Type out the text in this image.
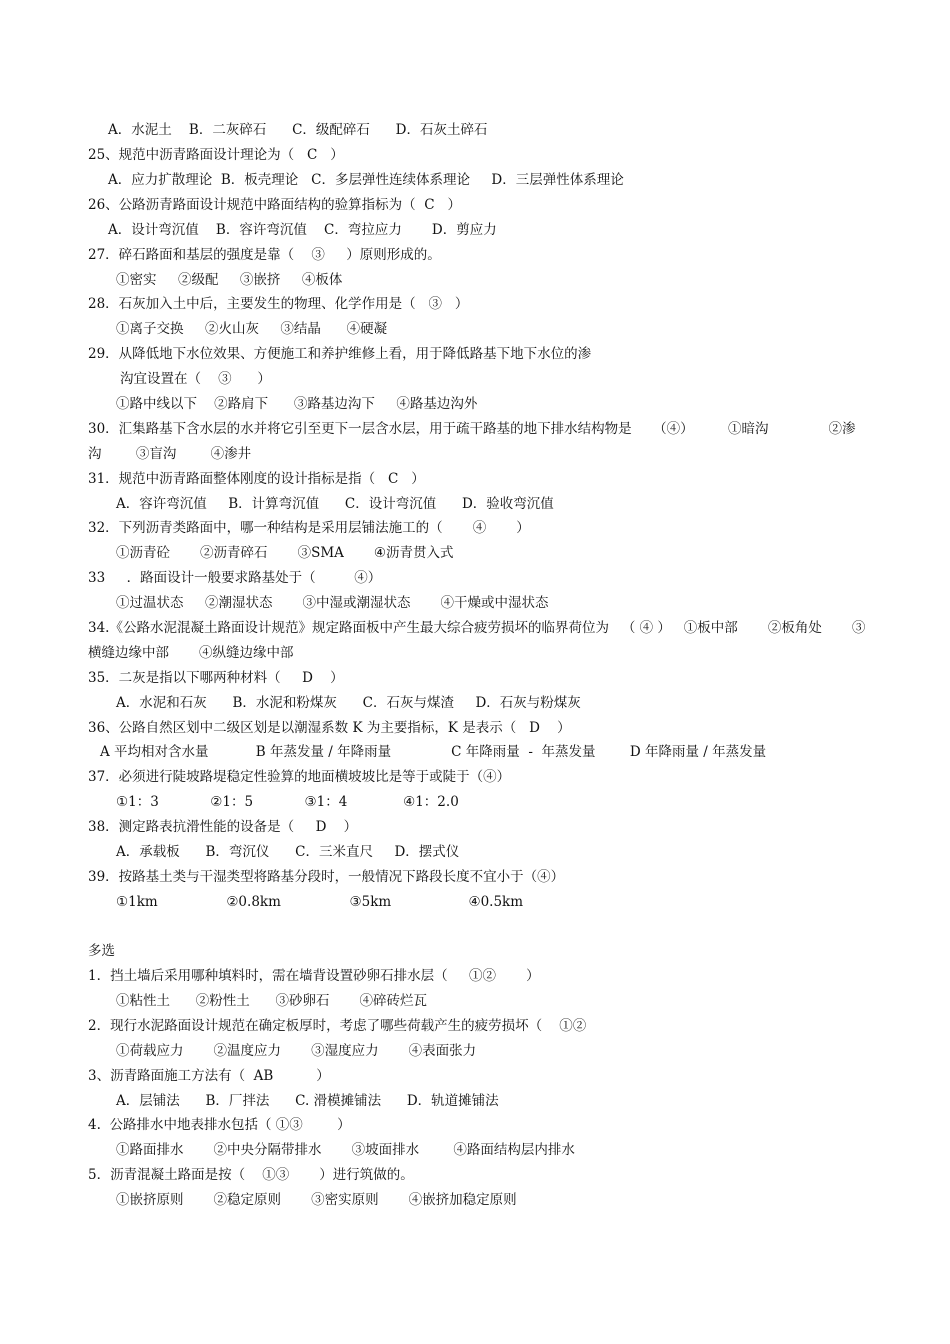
A．水泥土    B．二灰碎石      C．级配碎石      D．石灰土碎石
25、规范中沥青路面设计理论为（   C   ）
A．应力扩散理论  B．板壳理论   C．多层弹性连续体系理论     D．三层弹性体系理论
26、公路沥青路面设计规范中路面结构的验算指标为（  C   ）
A．设计弯沉值    B．容许弯沉值    C．弯拉应力       D．剪应力
27．碎石路面和基层的强度是靠（    ③     ）原则形成的。
①密实     ②级配     ③嵌挤     ④板体
28．石灰加入土中后，主要发生的物理、化学作用是（   ③   ）
①离子交换     ②火山灰     ③结晶      ④硬凝
29．从降低地下水位效果、方便施工和养护维修上看，用于降低路基下地下水位的渗
沟宜设置在（    ③      ）
①路中线以下    ②路肩下      ③路基边沟下     ④路基边沟外
30．汇集路基下含水层的水并将它引至更下一层含水层，用于疏干路基的地下排水结构物是     （④）        ①暗沟              ②渗
沟        ③盲沟        ④渗井
31．规范中沥青路面整体刚度的设计指标是指（   C   ）
A．容许弯沉值     B．计算弯沉值      C．设计弯沉值      D．验收弯沉值
32．下列沥青类路面中，哪一种结构是采用层铺法施工的（       ④       ）
①沥青砼       ②沥青碎石       ③SMA       ④沥青贯入式
33     ．路面设计一般要求路基处于（         ④）
①过温状态     ②潮湿状态       ③中湿或潮湿状态       ④干燥或中湿状态
34.《公路水泥混凝土路面设计规范》规定路面板中产生最大综合疲劳损坏的临界荷位为   （ ④ ）   ①板中部       ②板角处       ③
横缝边缘中部       ④纵缝边缘中部
35．二灰是指以下哪两种材料（     D    ）
A．水泥和石灰      B．水泥和粉煤灰      C．石灰与煤渣     D．石灰与粉煤灰
36、公路自然区划中二级区划是以潮湿系数 K 为主要指标，K 是表示（   D    ）
A 平均相对含水量           B 年蒸发量 / 年降雨量              C 年降雨量  -  年蒸发量        D 年降雨量 / 年蒸发量
37．必须进行陡坡路堤稳定性验算的地面横坡坡比是等于或陡于（④）
①1：3            ②1：5            ③1：4             ④1：2.0
38．测定路表抗滑性能的设备是（     D    ）
A．承载板      B．弯沉仪      C．三米直尺     D．摆式仪
39．按路基土类与干湿类型将路基分段时，一般情况下路段长度不宜小于（④）
①1km                ②0.8km                ③5km                  ④0.5km
多选
1．挡土墙后采用哪种填料时，需在墙背设置砂卵石排水层（     ①②       ）
①粘性土      ②粉性土      ③砂卵石       ④碎砖烂瓦
2．现行水泥路面设计规范在确定板厚时，考虑了哪些荷载产生的疲劳损坏（    ①②
①荷载应力       ②温度应力       ③湿度应力       ④表面张力
3、沥青路面施工方法有（  AB          ）
A．层铺法      B．厂拌法      C. 滑模摊铺法      D．轨道摊铺法
4.  公路排水中地表排水包括（ ①③        ）
①路面排水       ②中央分隔带排水       ③坡面排水        ④路面结构层内排水
5．沥青混凝土路面是按（    ①③       ）进行筑做的。
①嵌挤原则       ②稳定原则       ③密实原则       ④嵌挤加稳定原则
